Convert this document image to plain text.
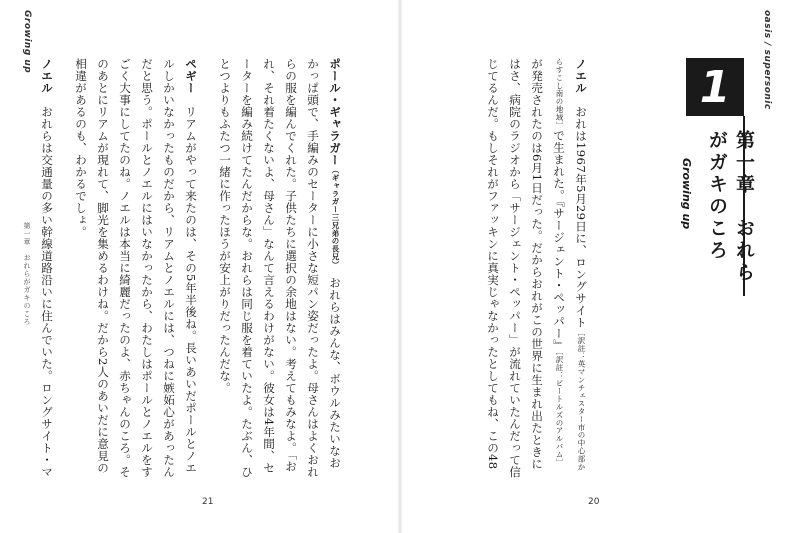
Growing up

ポール・ギャラガー（ギャラガー三兄弟の長兄）　おれらはみんな、ボウルみたいなおかっぱ頭で、手編みのセーターに小さな短パン姿だったよ。母さんはよくおれらの服を編んでくれた。子供たちに選択の余地はない。考えてもみなよ。「おれ、それ着たくないよ、母さん」なんて言えるわけがない。彼女は4年間、セーターを編み続けてたんだからな。おれらは同じ服を着ていたよ。たぶん、ひとつよりもふたつ一緒に作ったほうが安上がりだったんだな。

ペギー　リアムがやって来たのは、その5年半後ね。長いあいだポールとノエルしかいなかったものだから、リアムとノエルには、つねに嫉妬心があったんだと思う。ポールとノエルにはいなかったから、わたしはポールとノエルをすごく大事にしてたのね。ノエルは本当に綺麗だったのよ、赤ちゃんのころ。そのあとにリアムが現れて、脚光を集めるわけね。だから2人のあいだに意見の相違があるのも、わかるでしょ。

ノエル　おれらは交通量の多い幹線道路沿いに住んでいた。ロングサイト・マ

第一章　おれらがガキのころ
21

ノエル　おれは1967年5月29日に、ロングサイト［訳註：英マンチェスター市の中心部からすこし南の地域］で生まれた。『サージェント・ペッパー』［訳註：ビートルズのアルバム］が発売されたのは6月1日だった。だからおれがこの世界に生まれ出たときにはさ、病院のラジオから「サージェント・ペッパー」が流れていたんだって信じてるんだ。もしそれがファッキンに真実じゃなかったとしてもね、この48

oasis / supersonic
20
1
第一章　おれらがガキのころ
Growing up
